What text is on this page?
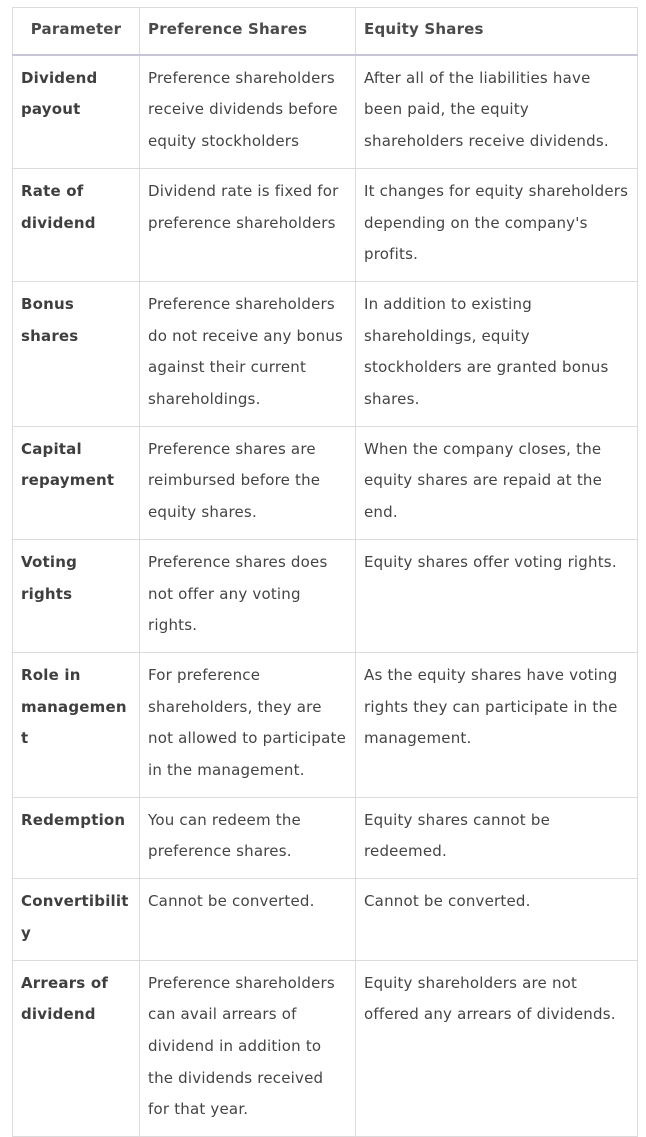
Parameter	Preference Shares	Equity Shares
Dividend payout	Preference shareholders receive dividends before equity stockholders	After all of the liabilities have been paid, the equity shareholders receive dividends.
Rate of dividend	Dividend rate is fixed for preference shareholders	It changes for equity shareholders depending on the company's profits.
Bonus shares	Preference shareholders do not receive any bonus against their current shareholdings.	In addition to existing shareholdings, equity stockholders are granted bonus shares.
Capital repayment	Preference shares are reimbursed before the equity shares.	When the company closes, the equity shares are repaid at the end.
Voting rights	Preference shares does not offer any voting rights.	Equity shares offer voting rights.
Role in management	For preference shareholders, they are not allowed to participate in the management.	As the equity shares have voting rights they can participate in the management.
Redemption	You can redeem the preference shares.	Equity shares cannot be redeemed.
Convertibility	Cannot be converted.	Cannot be converted.
Arrears of dividend	Preference shareholders can avail arrears of dividend in addition to the dividends received for that year.	Equity shareholders are not offered any arrears of dividends.
